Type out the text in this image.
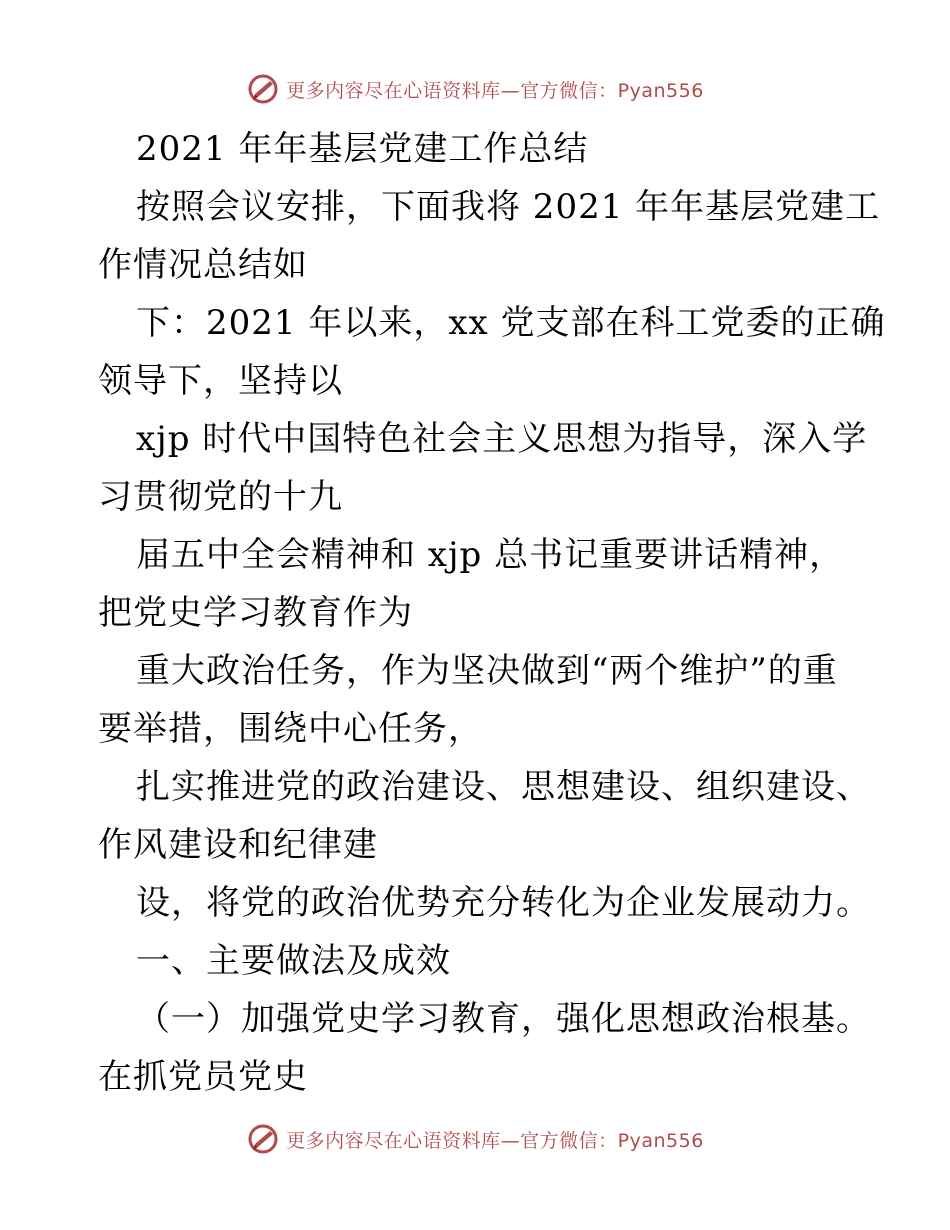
更多内容尽在心语资料库—官方微信：Pyan556
2021 年年基层党建工作总结
按照会议安排，下面我将 2021 年年基层党建工
作情况总结如
下：2021 年以来，xx 党支部在科工党委的正确
领导下，坚持以
xjp 时代中国特色社会主义思想为指导，深入学
习贯彻党的十九
届五中全会精神和 xjp 总书记重要讲话精神，
把党史学习教育作为
重大政治任务，作为坚决做到“两个维护”的重
要举措，围绕中心任务，
扎实推进党的政治建设、思想建设、组织建设、
作风建设和纪律建
设，将党的政治优势充分转化为企业发展动力。
一、主要做法及成效
（一）加强党史学习教育，强化思想政治根基。
在抓党员党史
更多内容尽在心语资料库—官方微信：Pyan556
